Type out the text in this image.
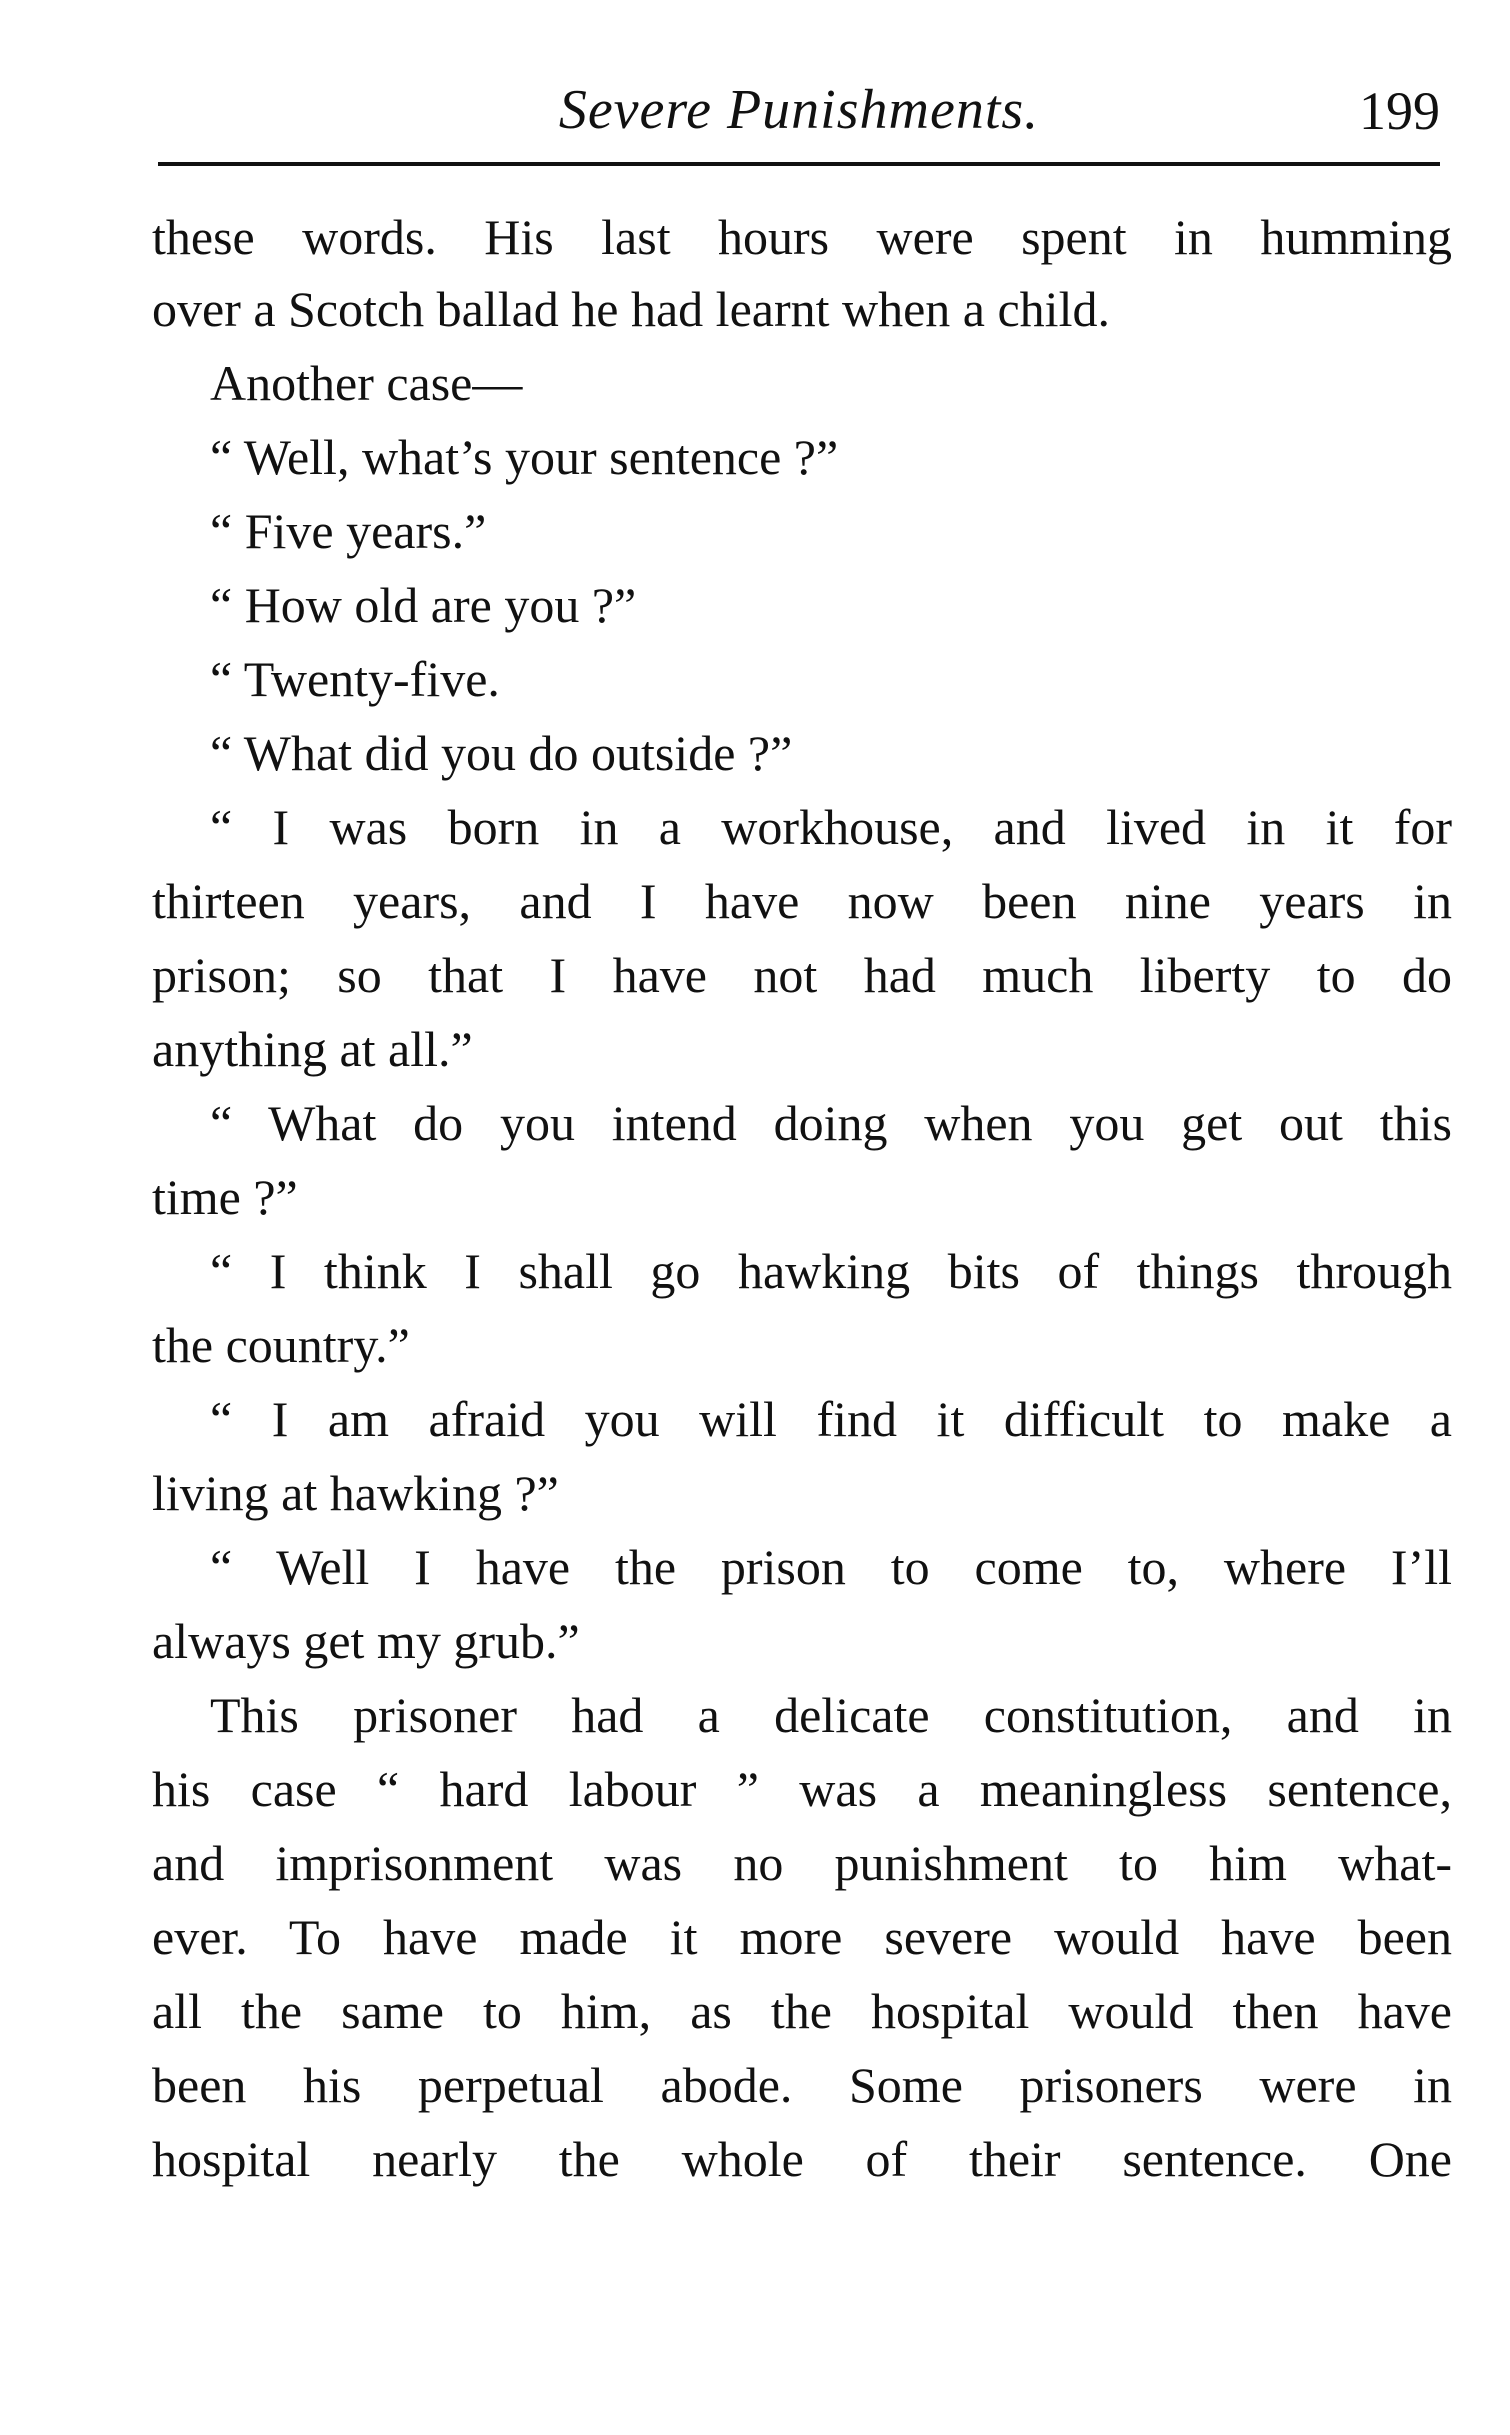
Severe Punishments.	199
these words. His last hours were spent in humming
over a Scotch ballad he had learnt when a child.
Another case—
“ Well, what’s your sentence ?”
“ Five years.”
“ How old are you ?”
“ Twenty-five.
“ What did you do outside ?”
“ I was born in a workhouse, and lived in it for
thirteen years, and I have now been nine years in
prison; so that I have not had much liberty to do
anything at all.”
“ What do you intend doing when you get out this
time ?”
“ I think I shall go hawking bits of things through
the country.”
“ I am afraid you will find it difficult to make a
living at hawking ?”
“ Well I have the prison to come to, where I’ll
always get my grub.”
This prisoner had a delicate constitution, and in
his case “ hard labour ” was a meaningless sentence,
and imprisonment was no punishment to him what-
ever. To have made it more severe would have been
all the same to him, as the hospital would then have
been his perpetual abode. Some prisoners were in
hospital nearly the whole of their sentence. One
